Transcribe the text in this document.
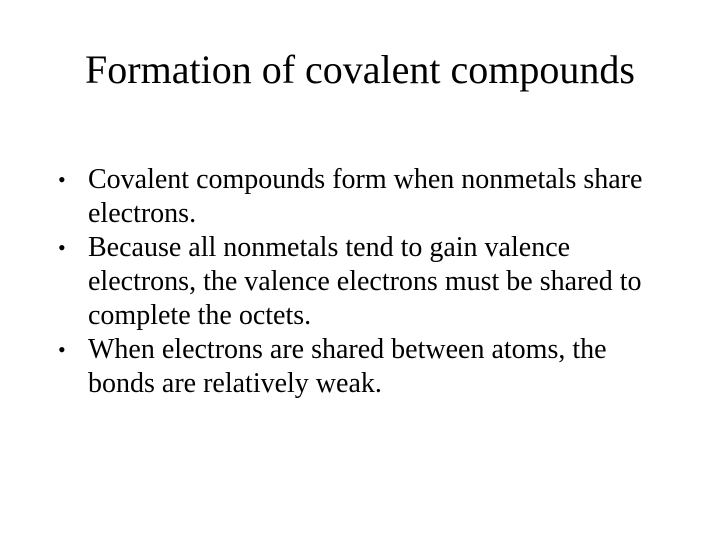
Formation of covalent compounds
• Covalent compounds form when nonmetals share electrons.
• Because all nonmetals tend to gain valence electrons, the valence electrons must be shared to complete the octets.
• When electrons are shared between atoms, the bonds are relatively weak.
